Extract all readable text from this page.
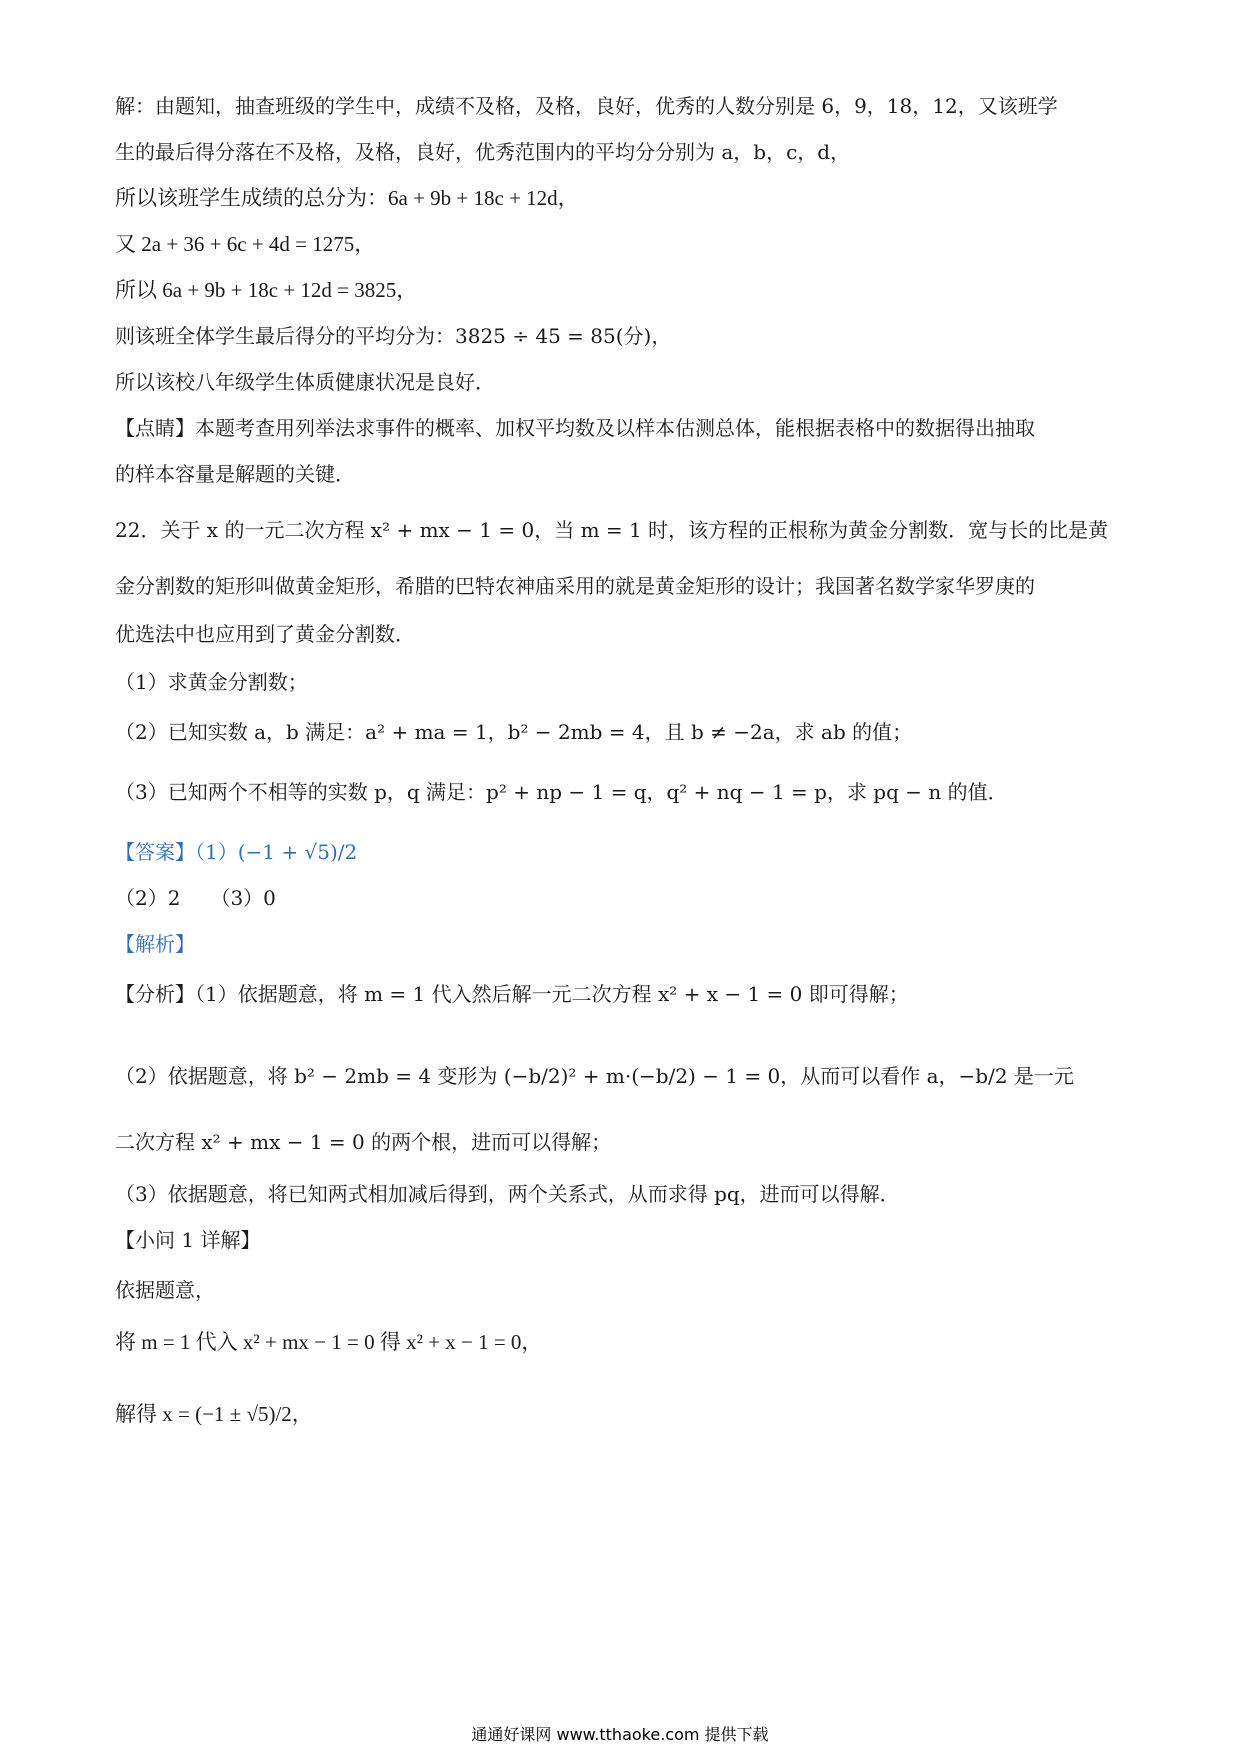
解：由题知，抽查班级的学生中，成绩不及格，及格，良好，优秀的人数分别是 6，9，18，12，又该班学
生的最后得分落在不及格，及格，良好，优秀范围内的平均分分别为 a，b，c，d，
所以该班学生成绩的总分为：6a + 9b + 18c + 12d，
又 2a + 36 + 6c + 4d = 1275，
所以 6a + 9b + 18c + 12d = 3825，
则该班全体学生最后得分的平均分为：3825 ÷ 45 = 85(分)，
所以该校八年级学生体质健康状况是良好．
【点睛】本题考查用列举法求事件的概率、加权平均数及以样本估测总体，能根据表格中的数据得出抽取
的样本容量是解题的关键．
22．关于 x 的一元二次方程 x² + mx − 1 = 0，当 m = 1 时，该方程的正根称为黄金分割数．宽与长的比是黄
金分割数的矩形叫做黄金矩形，希腊的巴特农神庙采用的就是黄金矩形的设计；我国著名数学家华罗庚的
优选法中也应用到了黄金分割数．
（1）求黄金分割数；
（2）已知实数 a，b 满足：a² + ma = 1，b² − 2mb = 4，且 b ≠ −2a，求 ab 的值；
（3）已知两个不相等的实数 p，q 满足：p² + np − 1 = q，q² + nq − 1 = p，求 pq − n 的值．
【答案】（1）(−1 + √5)/2
（2）2　　（3）0
【解析】
【分析】（1）依据题意，将 m = 1 代入然后解一元二次方程 x² + x − 1 = 0 即可得解；
（2）依据题意，将 b² − 2mb = 4 变形为 (−b/2)² + m·(−b/2) − 1 = 0，从而可以看作 a，−b/2 是一元
二次方程 x² + mx − 1 = 0 的两个根，进而可以得解；
（3）依据题意，将已知两式相加减后得到，两个关系式，从而求得 pq，进而可以得解．
【小问 1 详解】
依据题意，
将 m = 1 代入 x² + mx − 1 = 0 得 x² + x − 1 = 0，
解得 x = (−1 ± √5)/2，
通通好课网 www.tthaoke.com 提供下载
